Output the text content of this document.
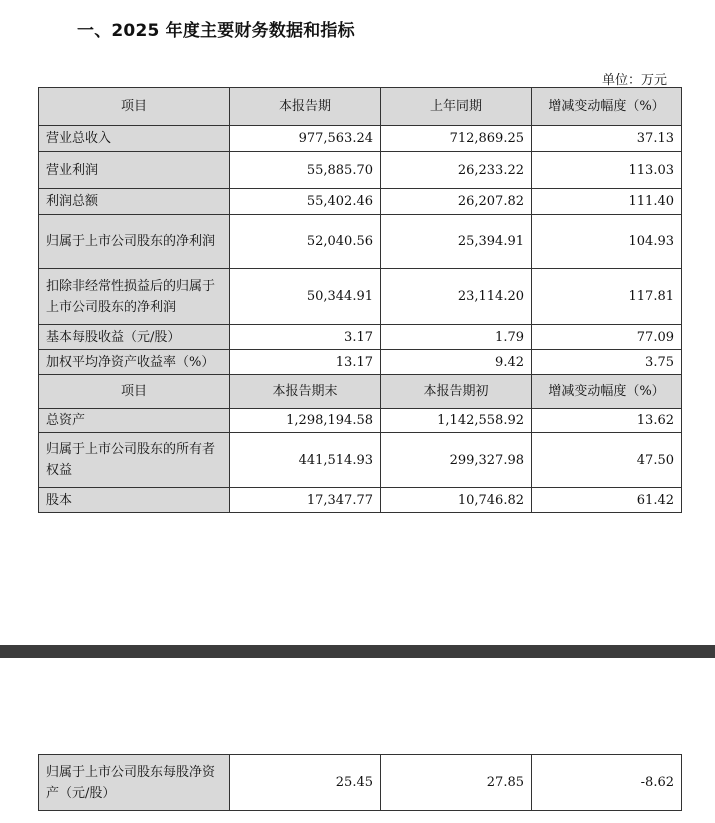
一、2025 年度主要财务数据和指标
单位：万元
项目	本报告期	上年同期	增减变动幅度（%）
营业总收入	977,563.24	712,869.25	37.13
营业利润	55,885.70	26,233.22	113.03
利润总额	55,402.46	26,207.82	111.40
归属于上市公司股东的净利润	52,040.56	25,394.91	104.93
扣除非经常性损益后的归属于上市公司股东的净利润	50,344.91	23,114.20	117.81
基本每股收益（元/股）	3.17	1.79	77.09
加权平均净资产收益率（%）	13.17	9.42	3.75
项目	本报告期末	本报告期初	增减变动幅度（%）
总资产	1,298,194.58	1,142,558.92	13.62
归属于上市公司股东的所有者权益	441,514.93	299,327.98	47.50
股本	17,347.77	10,746.82	61.42
归属于上市公司股东每股净资产（元/股）	25.45	27.85	-8.62
